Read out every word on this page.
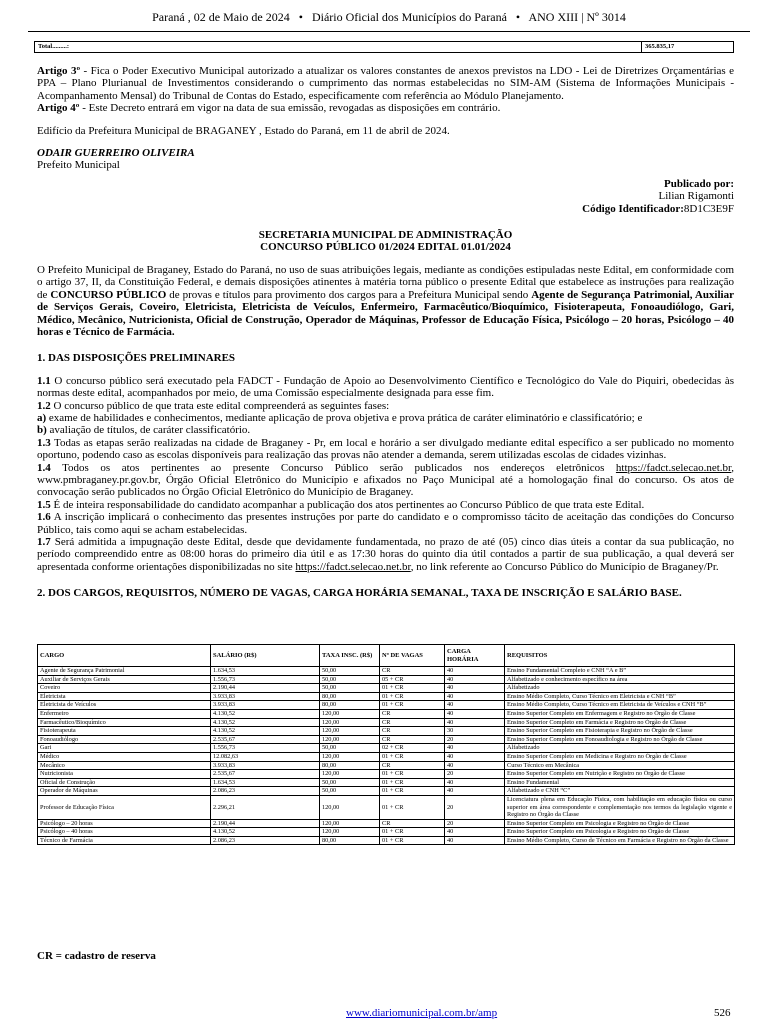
Paraná , 02 de Maio de 2024 • Diário Oficial dos Municípios do Paraná • ANO XIII | Nº 3014
Total.........:	365.835,17

Artigo 3º - Fica o Poder Executivo Municipal autorizado a atualizar os valores constantes de anexos previstos na LDO - Lei de Diretrizes Orçamentárias e PPA – Plano Plurianual de Investimentos considerando o cumprimento das normas estabelecidas no SIM-AM (Sistema de Informações Municipais - Acompanhamento Mensal) do Tribunal de Contas do Estado, especificamente com referência ao Módulo Planejamento.

Artigo 4º - Este Decreto entrará em vigor na data de sua emissão, revogadas as disposições em contrário.

Edifício da Prefeitura Municipal de BRAGANEY , Estado do Paraná, em 11 de abril de 2024.

ODAIR GUERREIRO OLIVEIRA

Prefeito Municipal

Publicado por:

Lilian Rigamonti

Código Identificador:8D1C3E9F

SECRETARIA MUNICIPAL DE ADMINISTRAÇÃO

CONCURSO PÚBLICO 01/2024 EDITAL 01.01/2024

O Prefeito Municipal de Braganey, Estado do Paraná, no uso de suas atribuições legais, mediante as condições estipuladas neste Edital, em conformidade com o artigo 37, II, da Constituição Federal, e demais disposições atinentes à matéria torna público o presente Edital que estabelece as instruções para realização de CONCURSO PÚBLICO de provas e títulos para provimento dos cargos para a Prefeitura Municipal sendo Agente de Segurança Patrimonial, Auxiliar de Serviços Gerais, Coveiro, Eletricista, Eletricista de Veículos, Enfermeiro, Farmacêutico/Bioquímico, Fisioterapeuta, Fonoaudiólogo, Gari, Médico, Mecânico, Nutricionista, Oficial de Construção, Operador de Máquinas, Professor de Educação Física, Psicólogo – 20 horas, Psicólogo – 40 horas e Técnico de Farmácia.

1. DAS DISPOSIÇÕES PRELIMINARES

1.1 O concurso público será executado pela FADCT - Fundação de Apoio ao Desenvolvimento Científico e Tecnológico do Vale do Piquiri, obedecidas às normas deste edital, acompanhados por meio, de uma Comissão especialmente designada para esse fim.

1.2 O concurso público de que trata este edital compreenderá as seguintes fases:

a) exame de habilidades e conhecimentos, mediante aplicação de prova objetiva e prova prática de caráter eliminatório e classificatório; e

b) avaliação de títulos, de caráter classificatório.

1.3 Todas as etapas serão realizadas na cidade de Braganey - Pr, em local e horário a ser divulgado mediante edital específico a ser publicado no momento oportuno, podendo caso as escolas disponíveis para realização das provas não atender a demanda, serem utilizadas escolas de cidades vizinhas.

1.4 Todos os atos pertinentes ao presente Concurso Público serão publicados nos endereços eletrônicos https://fadct.selecao.net.br, www.pmbraganey.pr.gov.br, Órgão Oficial Eletrônico do Município e afixados no Paço Municipal até a homologação final do concurso. Os atos de convocação serão publicados no Órgão Oficial Eletrônico do Município de Braganey.

1.5 É de inteira responsabilidade do candidato acompanhar a publicação dos atos pertinentes ao Concurso Público de que trata este Edital.

1.6 A inscrição implicará o conhecimento das presentes instruções por parte do candidato e o compromisso tácito de aceitação das condições do Concurso Público, tais como aqui se acham estabelecidas.

1.7 Será admitida a impugnação deste Edital, desde que devidamente fundamentada, no prazo de até (05) cinco dias úteis a contar da sua publicação, no período compreendido entre as 08:00 horas do primeiro dia útil e as 17:30 horas do quinto dia útil contados a partir de sua publicação, a qual deverá ser apresentada conforme orientações disponibilizadas no site https://fadct.selecao.net.br, no link referente ao Concurso Público do Município de Braganey/Pr.

2. DOS CARGOS, REQUISITOS, NÚMERO DE VAGAS, CARGA HORÁRIA SEMANAL, TAXA DE INSCRIÇÃO E SALÁRIO BASE.

CARGO	SALÁRIO (R$)	TAXA INSC. (R$)	Nº DE VAGAS	CARGA HORÁRIA	REQUISITOS
Agente de Segurança Patrimonial	1.634,53	50,00	CR	40	Ensino Fundamental Completo e CNH “A e B”
Auxiliar de Serviços Gerais	1.556,73	50,00	05 + CR	40	Alfabetizado e conhecimento específico na área
Coveiro	2.190,44	50,00	01 + CR	40	Alfabetizado
Eletricista	3.933,83	80,00	01 + CR	40	Ensino Médio Completo, Curso Técnico em Eletricista e CNH “B”
Eletricista de Veículos	3.933,83	80,00	01 + CR	40	Ensino Médio Completo, Curso Técnico em Eletricista de Veículos e CNH “B”
Enfermeiro	4.130,52	120,00	CR	40	Ensino Superior Completo em Enfermagem e Registro no Órgão de Classe
Farmacêutico/Bioquímico	4.130,52	120,00	CR	40	Ensino Superior Completo em Farmácia e Registro no Órgão de Classe
Fisioterapeuta	4.130,52	120,00	CR	30	Ensino Superior Completo em Fisioterapia e Registro no Órgão de Classe
Fonoaudiólogo	2.535,67	120,00	CR	20	Ensino Superior Completo em Fonoaudiologia e Registro no Órgão de Classe
Gari	1.556,73	50,00	02 + CR	40	Alfabetizado
Médico	12.082,63	120,00	01 + CR	40	Ensino Superior Completo em Medicina e Registro no Órgão de Classe
Mecânico	3.933,83	80,00	CR	40	Curso Técnico em Mecânica
Nutricionista	2.535,67	120,00	01 + CR	20	Ensino Superior Completo em Nutrição e Registro no Órgão de Classe
Oficial de Construção	1.634,53	50,00	01 + CR	40	Ensino Fundamental
Operador de Máquinas	2.086,23	50,00	01 + CR	40	Alfabetizado e CNH “C”
Professor de Educação Física	2.296,21	120,00	01 + CR	20	Licenciatura plena em Educação Física, com habilitação em educação física ou curso superior em área correspondente e complementação nos termos da legislação vigente e Registro no Órgão da Classe
Psicólogo – 20 horas	2.190,44	120,00	CR	20	Ensino Superior Completo em Psicologia e Registro no Órgão de Classe
Psicólogo – 40 horas	4.130,52	120,00	01 + CR	40	Ensino Superior Completo em Psicologia e Registro no Órgão de Classe
Técnico de Farmácia	2.086,23	80,00	01 + CR	40	Ensino Médio Completo, Curso de Técnico em Farmácia e Registro no Órgão da Classe
CR = cadastro de reserva
www.diariomunicipal.com.br/amp	526
